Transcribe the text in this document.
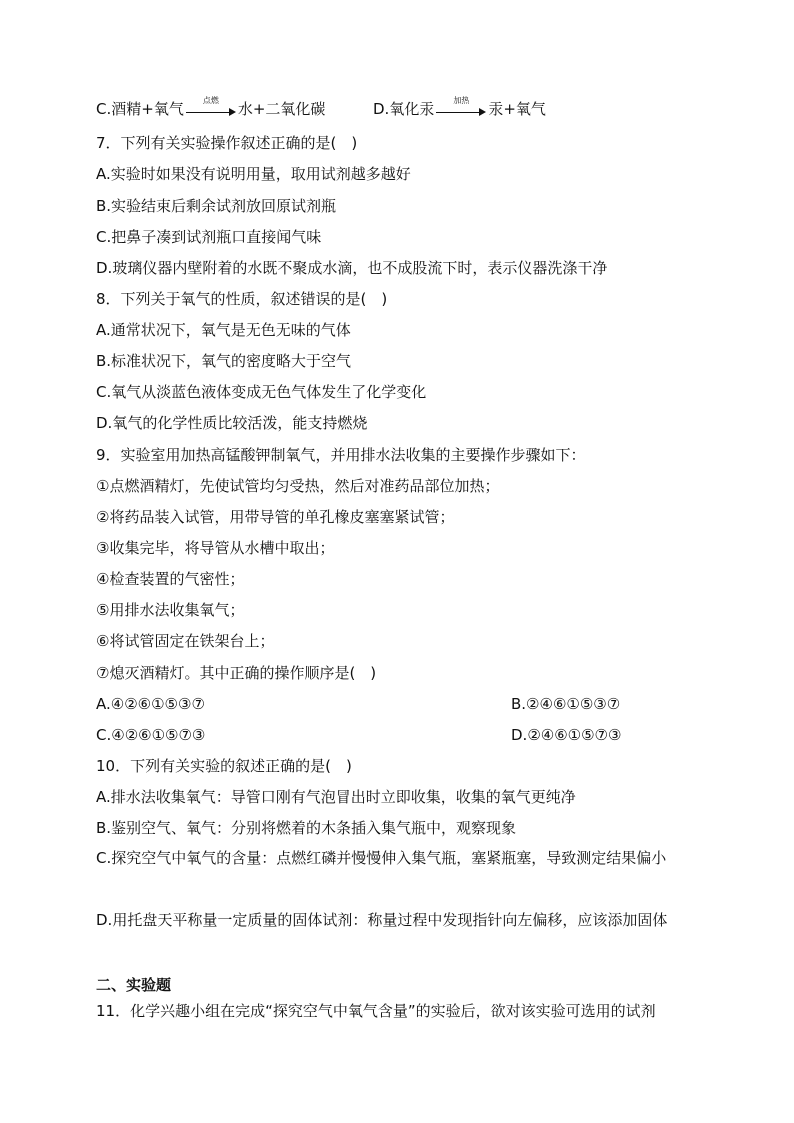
C.酒精+氧气	点燃	水+二氧化碳	D.氧化汞	加热	汞+氧气
7．下列有关实验操作叙述正确的是(　)
A.实验时如果没有说明用量，取用试剂越多越好
B.实验结束后剩余试剂放回原试剂瓶
C.把鼻子凑到试剂瓶口直接闻气味
D.玻璃仪器内壁附着的水既不聚成水滴，也不成股流下时，表示仪器洗涤干净
8．下列关于氧气的性质，叙述错误的是(　)
A.通常状况下，氧气是无色无味的气体
B.标准状况下，氧气的密度略大于空气
C.氧气从淡蓝色液体变成无色气体发生了化学变化
D.氧气的化学性质比较活泼，能支持燃烧
9．实验室用加热高锰酸钾制氧气，并用排水法收集的主要操作步骤如下：
①点燃酒精灯，先使试管均匀受热，然后对准药品部位加热；
②将药品装入试管，用带导管的单孔橡皮塞塞紧试管；
③收集完毕，将导管从水槽中取出；
④检查装置的气密性；
⑤用排水法收集氧气；
⑥将试管固定在铁架台上；
⑦熄灭酒精灯。其中正确的操作顺序是(　)
A.④②⑥①⑤③⑦	B.②④⑥①⑤③⑦
C.④②⑥①⑤⑦③	D.②④⑥①⑤⑦③
10．下列有关实验的叙述正确的是(　)
A.排水法收集氧气：导管口刚有气泡冒出时立即收集，收集的氧气更纯净
B.鉴别空气、氧气：分别将燃着的木条插入集气瓶中，观察现象
C.探究空气中氧气的含量：点燃红磷并慢慢伸入集气瓶，塞紧瓶塞，导致测定结果偏小
D.用托盘天平称量一定质量的固体试剂：称量过程中发现指针向左偏移，应该添加固体
二、实验题
11．化学兴趣小组在完成“探究空气中氧气含量”的实验后，欲对该实验可选用的试剂
